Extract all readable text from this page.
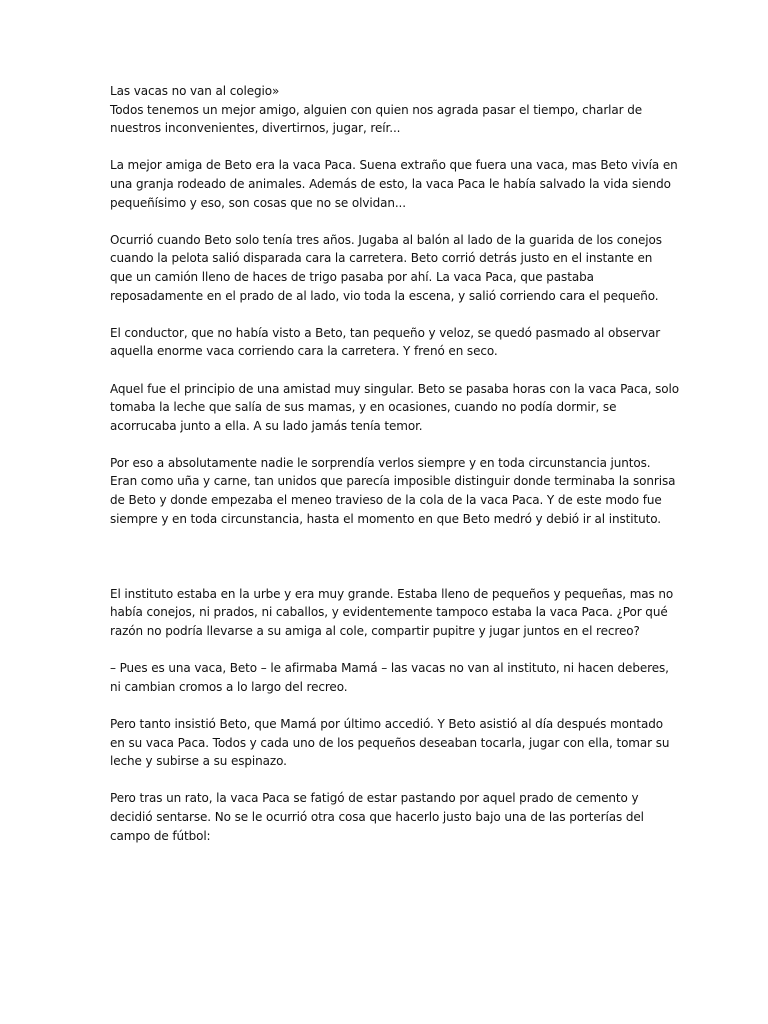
Las vacas no van al colegio»
Todos tenemos un mejor amigo, alguien con quien nos agrada pasar el tiempo, charlar de
nuestros inconvenientes, divertirnos, jugar, reír...
La mejor amiga de Beto era la vaca Paca. Suena extraño que fuera una vaca, mas Beto vivía en
una granja rodeado de animales. Además de esto, la vaca Paca le había salvado la vida siendo
pequeñísimo y eso, son cosas que no se olvidan...
Ocurrió cuando Beto solo tenía tres años. Jugaba al balón al lado de la guarida de los conejos
cuando la pelota salió disparada cara la carretera. Beto corrió detrás justo en el instante en
que un camión lleno de haces de trigo pasaba por ahí. La vaca Paca, que pastaba
reposadamente en el prado de al lado, vio toda la escena, y salió corriendo cara el pequeño.
El conductor, que no había visto a Beto, tan pequeño y veloz, se quedó pasmado al observar
aquella enorme vaca corriendo cara la carretera. Y frenó en seco.
Aquel fue el principio de una amistad muy singular. Beto se pasaba horas con la vaca Paca, solo
tomaba la leche que salía de sus mamas, y en ocasiones, cuando no podía dormir, se
acorrucaba junto a ella. A su lado jamás tenía temor.
Por eso a absolutamente nadie le sorprendía verlos siempre y en toda circunstancia juntos.
Eran como uña y carne, tan unidos que parecía imposible distinguir donde terminaba la sonrisa
de Beto y donde empezaba el meneo travieso de la cola de la vaca Paca. Y de este modo fue
siempre y en toda circunstancia, hasta el momento en que Beto medró y debió ir al instituto.
El instituto estaba en la urbe y era muy grande. Estaba lleno de pequeños y pequeñas, mas no
había conejos, ni prados, ni caballos, y evidentemente tampoco estaba la vaca Paca. ¿Por qué
razón no podría llevarse a su amiga al cole, compartir pupitre y jugar juntos en el recreo?
– Pues es una vaca, Beto – le afirmaba Mamá – las vacas no van al instituto, ni hacen deberes,
ni cambian cromos a lo largo del recreo.
Pero tanto insistió Beto, que Mamá por último accedió. Y Beto asistió al día después montado
en su vaca Paca. Todos y cada uno de los pequeños deseaban tocarla, jugar con ella, tomar su
leche y subirse a su espinazo.
Pero tras un rato, la vaca Paca se fatigó de estar pastando por aquel prado de cemento y
decidió sentarse. No se le ocurrió otra cosa que hacerlo justo bajo una de las porterías del
campo de fútbol:
